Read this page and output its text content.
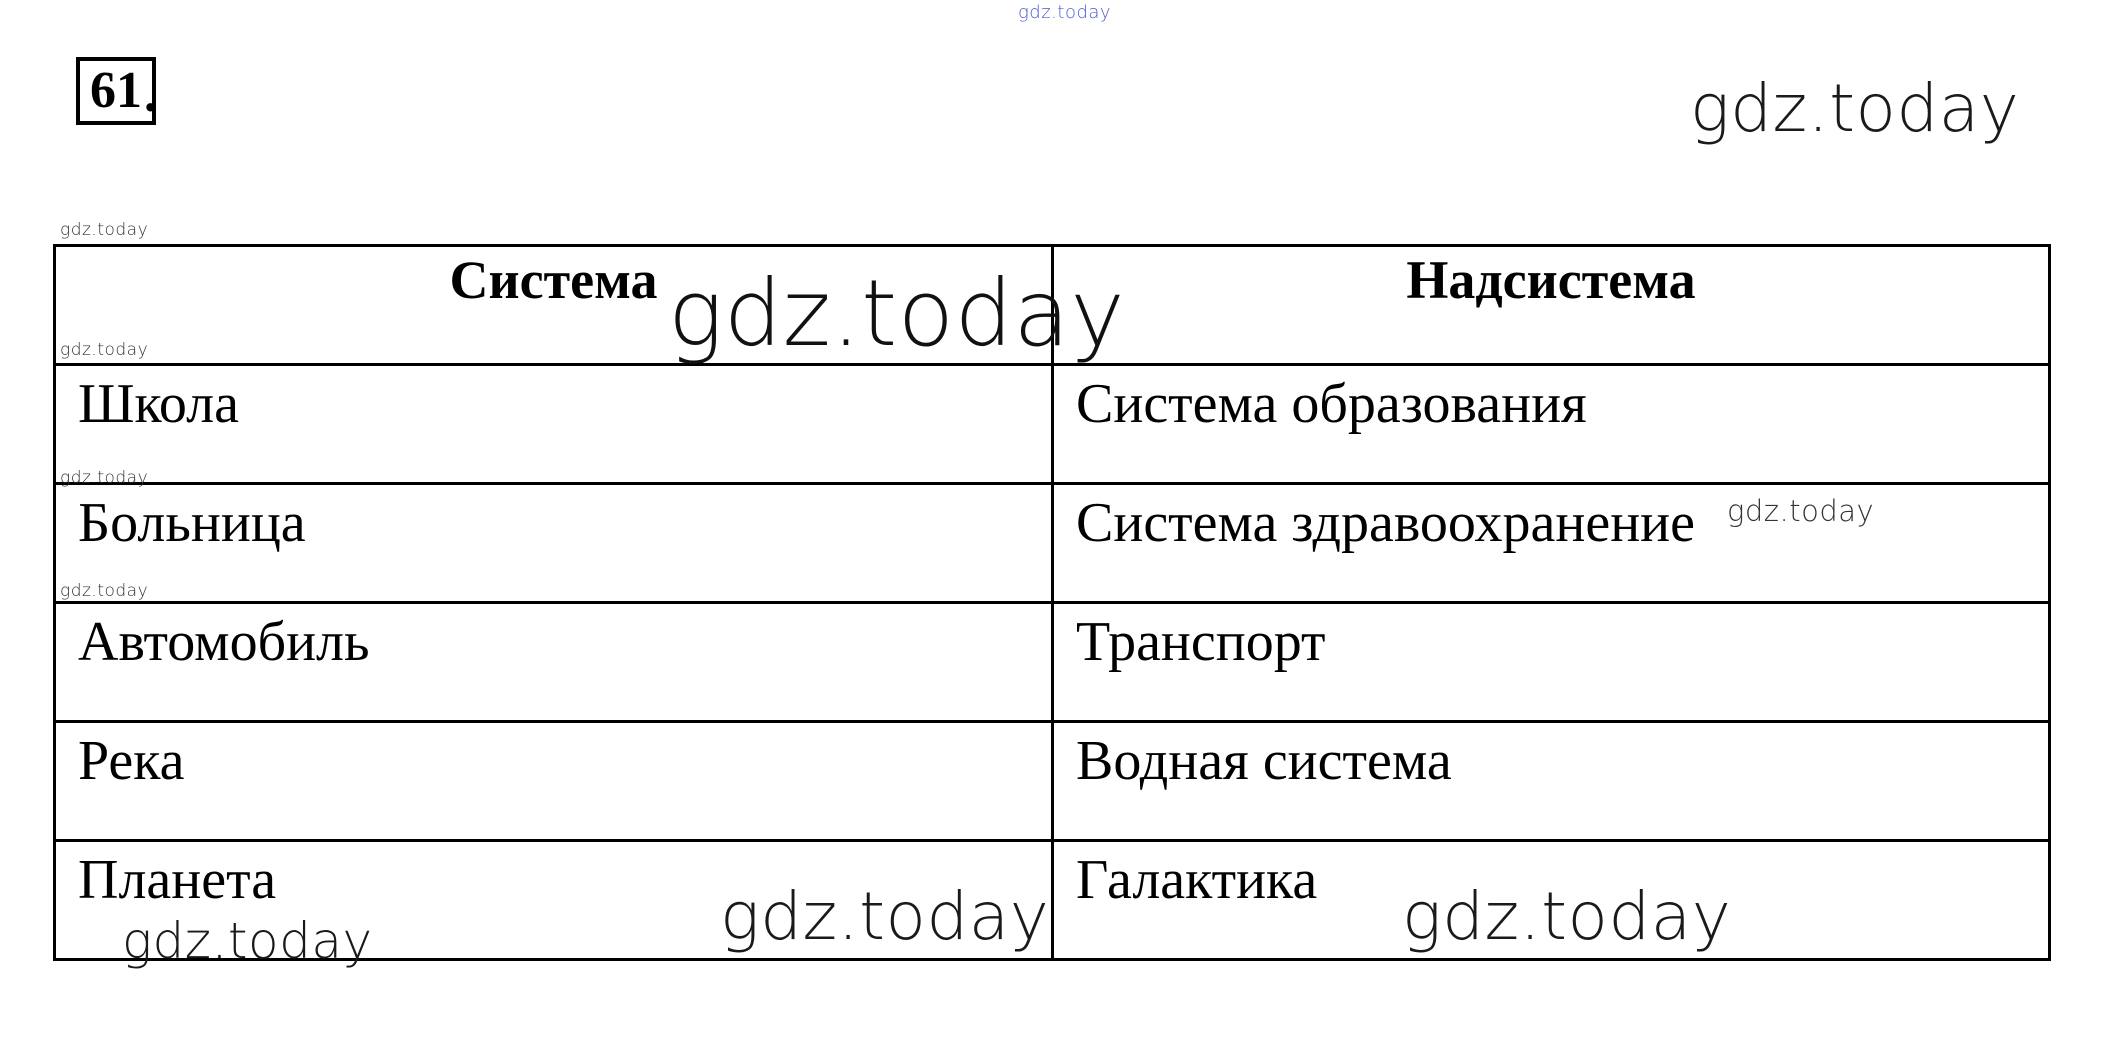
61 .
Система	Надсистема

Школа	Система образования

Больница	Система здравоохранение

Автомобиль	Транспорт

Река	Водная система

Планета	Галактика
gdz.today
gdz.today
gdz.today
gdz.today
gdz.today
gdz.today
gdz.today
gdz.today
gdz.today
gdz.today	gdz.today
